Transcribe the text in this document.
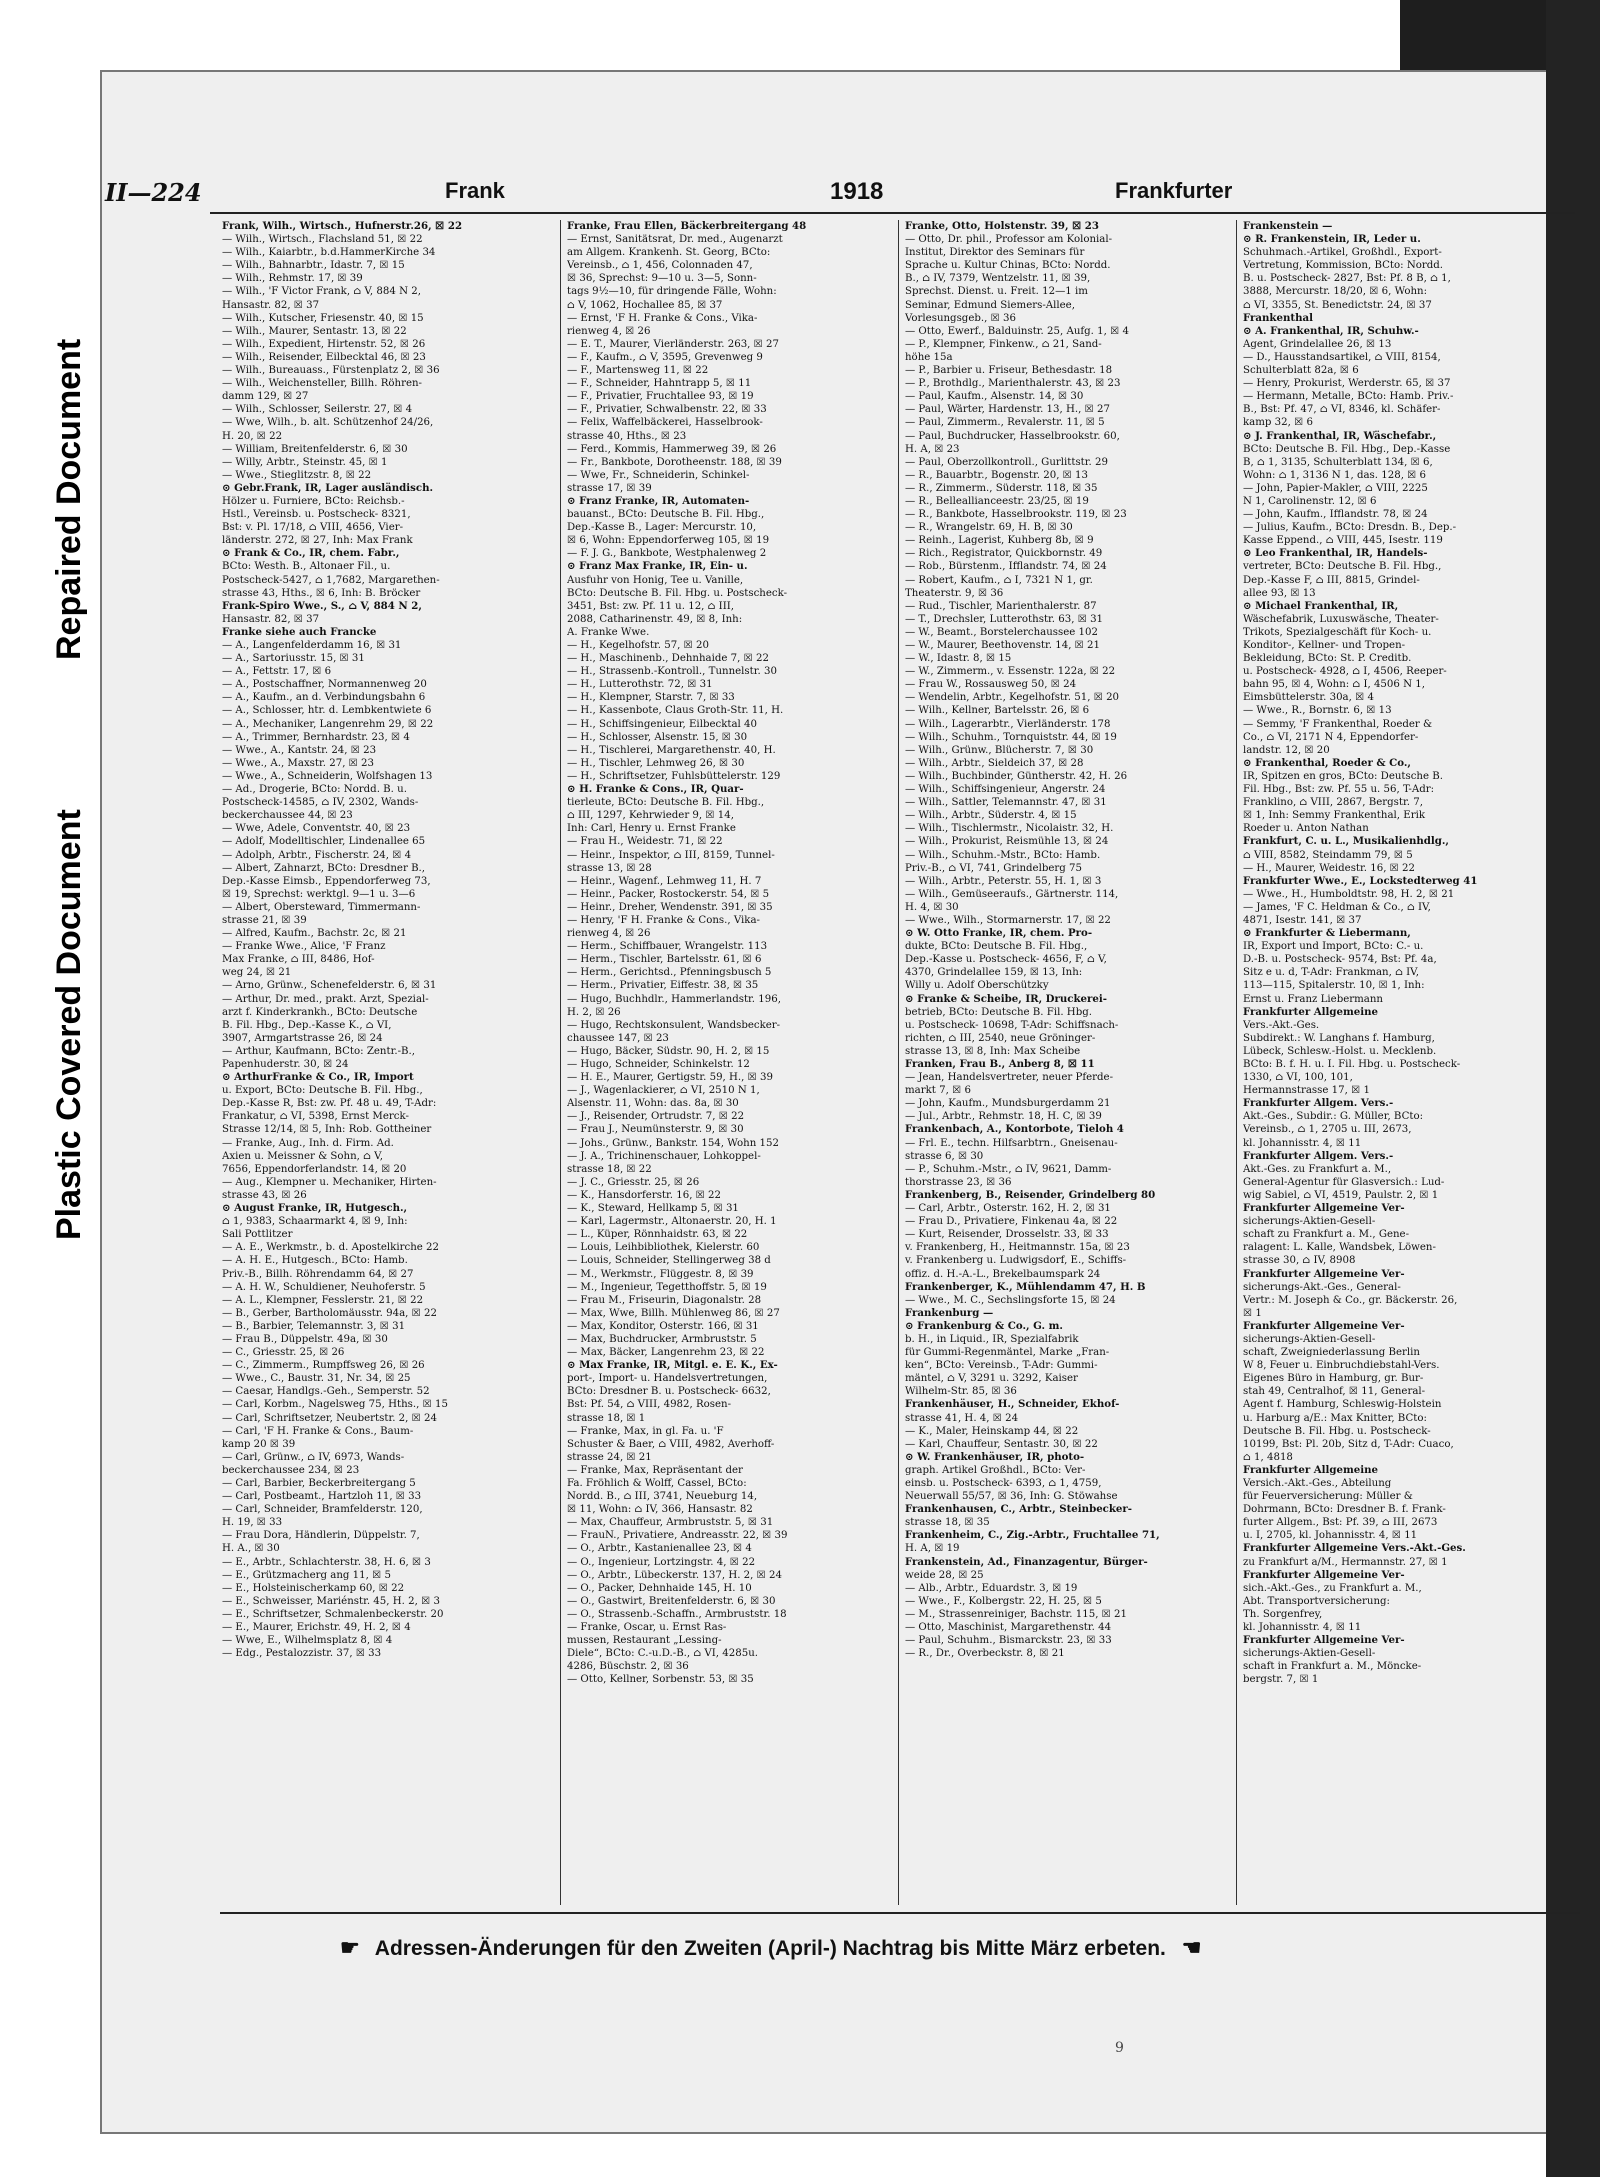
Plastic Covered Document
Repaired Document
II—224	Frank	1918	Frankfurter
Frank, Wilh., Wirtsch., Hufnerstr.26, ☒ 22
— Wilh., Wirtsch., Flachsland 51, ☒ 22
— Wilh., Kaiarbtr., b.d.HammerKirche 34
— Wilh., Bahnarbtr., Idastr. 7, ☒ 15
— Wilh., Rehmstr. 17, ☒ 39
— Wilh., 'F Victor Frank, ⌂ V, 884 N 2,
Hansastr. 82, ☒ 37
— Wilh., Kutscher, Friesenstr. 40, ☒ 15
— Wilh., Maurer, Sentastr. 13, ☒ 22
— Wilh., Expedient, Hirtenstr. 52, ☒ 26
— Wilh., Reisender, Eilbecktal 46, ☒ 23
— Wilh., Bureauass., Fürstenplatz 2, ☒ 36
— Wilh., Weichensteller, Billh. Röhren-
damm 129, ☒ 27
— Wilh., Schlosser, Seilerstr. 27, ☒ 4
— Wwe, Wilh., b. alt. Schützenhof 24/26,
H. 20, ☒ 22
— William, Breitenfelderstr. 6, ☒ 30
— Willy, Arbtr., Steinstr. 45, ☒ 1
— Wwe., Stieglitzstr. 8, ☒ 22
⊙ Gebr.Frank, IR, Lager ausländisch.
Hölzer u. Furniere, BCto: Reichsb.-
Hstl., Vereinsb. u. Postscheck- 8321,
Bst: v. Pl. 17/18, ⌂ VIII, 4656, Vier-
länderstr. 272, ☒ 27, Inh: Max Frank
⊙ Frank & Co., IR, chem. Fabr.,
BCto: Westh. B., Altonaer Fil., u.
Postscheck-5427, ⌂ 1,7682, Margarethen-
strasse 43, Hths., ☒ 6, Inh: B. Bröcker
Frank-Spiro Wwe., S., ⌂ V, 884 N 2,
Hansastr. 82, ☒ 37
Franke siehe auch Francke
— A., Langenfelderdamm 16, ☒ 31
— A., Sartoriusstr. 15, ☒ 31
— A., Fettstr. 17, ☒ 6
— A., Postschaffner, Normannenweg 20
— A., Kaufm., an d. Verbindungsbahn 6
— A., Schlosser, htr. d. Lembkentwiete 6
— A., Mechaniker, Langenrehm 29, ☒ 22
— A., Trimmer, Bernhardstr. 23, ☒ 4
— Wwe., A., Kantstr. 24, ☒ 23
— Wwe., A., Maxstr. 27, ☒ 23
— Wwe., A., Schneiderin, Wolfshagen 13
— Ad., Drogerie, BCto: Nordd. B. u.
Postscheck-14585, ⌂ IV, 2302, Wands-
beckerchaussee 44, ☒ 23
— Wwe, Adele, Conventstr. 40, ☒ 23
— Adolf, Modelltischler, Lindenallee 65
— Adolph, Arbtr., Fischerstr. 24, ☒ 4
— Albert, Zahnarzt, BCto: Dresdner B.,
Dep.-Kasse Eimsb., Eppendorferweg 73,
☒ 19, Sprechst: werktgl. 9—1 u. 3—6
— Albert, Obersteward, Timmermann-
strasse 21, ☒ 39
— Alfred, Kaufm., Bachstr. 2c, ☒ 21
— Franke Wwe., Alice, 'F Franz
Max Franke, ⌂ III, 8486, Hof-
weg 24, ☒ 21
— Arno, Grünw., Schenefelderstr. 6, ☒ 31
— Arthur, Dr. med., prakt. Arzt, Spezial-
arzt f. Kinderkrankh., BCto: Deutsche
B. Fil. Hbg., Dep.-Kasse K., ⌂ VI,
3907, Armgartstrasse 26, ☒ 24
— Arthur, Kaufmann, BCto: Zentr.-B.,
Papenhuderstr. 30, ☒ 24
⊙ ArthurFranke & Co., IR, Import
u. Export, BCto: Deutsche B. Fil. Hbg.,
Dep.-Kasse R, Bst: zw. Pf. 48 u. 49, T-Adr:
Frankatur, ⌂ VI, 5398, Ernst Merck-
Strasse 12/14, ☒ 5, Inh: Rob. Gottheiner
— Franke, Aug., Inh. d. Firm. Ad.
Axien u. Meissner & Sohn, ⌂ V,
7656, Eppendorferlandstr. 14, ☒ 20
— Aug., Klempner u. Mechaniker, Hirten-
strasse 43, ☒ 26
⊙ August Franke, IR, Hutgesch.,
⌂ 1, 9383, Schaarmarkt 4, ☒ 9, Inh:
Sali Pottlitzer
— A. E., Werkmstr., b. d. Apostelkirche 22
— A. H. E., Hutgesch., BCto: Hamb.
Priv.-B., Billh. Röhrendamm 64, ☒ 27
— A. H. W., Schuldiener, Neuhoferstr. 5
— A. L., Klempner, Fesslerstr. 21, ☒ 22
— B., Gerber, Bartholomäusstr. 94a, ☒ 22
— B., Barbier, Telemannstr. 3, ☒ 31
— Frau B., Düppelstr. 49a, ☒ 30
— C., Griesstr. 25, ☒ 26
— C., Zimmerm., Rumpffsweg 26, ☒ 26
— Wwe., C., Baustr. 31, Nr. 34, ☒ 25
— Caesar, Handlgs.-Geh., Semperstr. 52
— Carl, Korbm., Nagelsweg 75, Hths., ☒ 15
— Carl, Schriftsetzer, Neubertstr. 2, ☒ 24
— Carl, 'F H. Franke & Cons., Baum-
kamp 20 ☒ 39
— Carl, Grünw., ⌂ IV, 6973, Wands-
beckerchaussee 234, ☒ 23
— Carl, Barbier, Beckerbreitergang 5
— Carl, Postbeamt., Hartzloh 11, ☒ 33
— Carl, Schneider, Bramfelderstr. 120,
H. 19, ☒ 33
— Frau Dora, Händlerin, Düppelstr. 7,
H. A., ☒ 30
— E., Arbtr., Schlachterstr. 38, H. 6, ☒ 3
— E., Grützmacherg ang 11, ☒ 5
— E., Holsteinischerkamp 60, ☒ 22
— E., Schweisser, Mariénstr. 45, H. 2, ☒ 3
— E., Schriftsetzer, Schmalenbeckerstr. 20
— E., Maurer, Erichstr. 49, H. 2, ☒ 4
— Wwe, E., Wilhelmsplatz 8, ☒ 4
— Edg., Pestalozzistr. 37, ☒ 33
Franke, Frau Ellen, Bäckerbreitergang 48
— Ernst, Sanitätsrat, Dr. med., Augenarzt
am Allgem. Krankenh. St. Georg, BCto:
Vereinsb., ⌂ 1, 456, Colonnaden 47,
☒ 36, Sprechst: 9—10 u. 3—5, Sonn-
tags 9½—10, für dringende Fälle, Wohn:
⌂ V, 1062, Hochallee 85, ☒ 37
— Ernst, 'F H. Franke & Cons., Vika-
rienweg 4, ☒ 26
— E. T., Maurer, Vierländerstr. 263, ☒ 27
— F., Kaufm., ⌂ V, 3595, Grevenweg 9
— F., Martensweg 11, ☒ 22
— F., Schneider, Hahntrapp 5, ☒ 11
— F., Privatier, Fruchtallee 93, ☒ 19
— F., Privatier, Schwalbenstr. 22, ☒ 33
— Felix, Waffelbäckerei, Hasselbrook-
strasse 40, Hths., ☒ 23
— Ferd., Kommis, Hammerweg 39, ☒ 26
— Fr., Bankbote, Dorotheenstr. 188, ☒ 39
— Wwe, Fr., Schneiderin, Schinkel-
strasse 17, ☒ 39
⊙ Franz Franke, IR, Automaten-
bauanst., BCto: Deutsche B. Fil. Hbg.,
Dep.-Kasse B., Lager: Mercurstr. 10,
☒ 6, Wohn: Eppendorferweg 105, ☒ 19
— F. J. G., Bankbote, Westphalenweg 2
⊙ Franz Max Franke, IR, Ein- u.
Ausfuhr von Honig, Tee u. Vanille,
BCto: Deutsche B. Fil. Hbg. u. Postscheck-
3451, Bst: zw. Pf. 11 u. 12, ⌂ III,
2088, Catharinenstr. 49, ☒ 8, Inh:
A. Franke Wwe.
— H., Kegelhofstr. 57, ☒ 20
— H., Maschinenb., Dehnhaide 7, ☒ 22
— H., Strassenb.-Kontroll., Tunnelstr. 30
— H., Lutterothstr. 72, ☒ 31
— H., Klempner, Starstr. 7, ☒ 33
— H., Kassenbote, Claus Groth-Str. 11, H.
— H., Schiffsingenieur, Eilbecktal 40
— H., Schlosser, Alsenstr. 15, ☒ 30
— H., Tischlerei, Margarethenstr. 40, H.
— H., Tischler, Lehmweg 26, ☒ 30
— H., Schriftsetzer, Fuhlsbüttelerstr. 129
⊙ H. Franke & Cons., IR, Quar-
tierleute, BCto: Deutsche B. Fil. Hbg.,
⌂ III, 1297, Kehrwieder 9, ☒ 14,
Inh: Carl, Henry u. Ernst Franke
— Frau H., Weidestr. 71, ☒ 22
— Heinr., Inspektor, ⌂ III, 8159, Tunnel-
strasse 13, ☒ 28
— Heinr., Wagenf., Lehmweg 11, H. 7
— Heinr., Packer, Rostockerstr. 54, ☒ 5
— Heinr., Dreher, Wendenstr. 391, ☒ 35
— Henry, 'F H. Franke & Cons., Vika-
rienweg 4, ☒ 26
— Herm., Schiffbauer, Wrangelstr. 113
— Herm., Tischler, Bartelsstr. 61, ☒ 6
— Herm., Gerichtsd., Pfenningsbusch 5
— Herm., Privatier, Eiffestr. 38, ☒ 35
— Hugo, Buchhdlr., Hammerlandstr. 196,
H. 2, ☒ 26
— Hugo, Rechtskonsulent, Wandsbecker-
chaussee 147, ☒ 23
— Hugo, Bäcker, Südstr. 90, H. 2, ☒ 15
— Hugo, Schneider, Schinkelstr. 12
— H. E., Maurer, Gertigstr. 59, H., ☒ 39
— J., Wagenlackierer, ⌂ VI, 2510 N 1,
Alsenstr. 11, Wohn: das. 8a, ☒ 30
— J., Reisender, Ortrudstr. 7, ☒ 22
— Frau J., Neumünsterstr. 9, ☒ 30
— Johs., Grünw., Bankstr. 154, Wohn 152
— J. A., Trichinenschauer, Lohkoppel-
strasse 18, ☒ 22
— J. C., Griesstr. 25, ☒ 26
— K., Hansdorferstr. 16, ☒ 22
— K., Steward, Hellkamp 5, ☒ 31
— Karl, Lagermstr., Altonaerstr. 20, H. 1
— L., Küper, Rönnhaidstr. 63, ☒ 22
— Louis, Leihbibliothek, Kielerstr. 60
— Louis, Schneider, Stellingerweg 38 d
— M., Werkmstr., Flüggestr. 8, ☒ 39
— M., Ingenieur, Tegetthoffstr. 5, ☒ 19
— Frau M., Friseurin, Diagonalstr. 28
— Max, Wwe, Billh. Mühlenweg 86, ☒ 27
— Max, Konditor, Osterstr. 166, ☒ 31
— Max, Buchdrucker, Armbruststr. 5
— Max, Bäcker, Langenrehm 23, ☒ 22
⊙ Max Franke, IR, Mitgl. e. E. K., Ex-
port-, Import- u. Handelsvertretungen,
BCto: Dresdner B. u. Postscheck- 6632,
Bst: Pf. 54, ⌂ VIII, 4982, Rosen-
strasse 18, ☒ 1
— Franke, Max, in gl. Fa. u. 'F
Schuster & Baer, ⌂ VIII, 4982, Averhoff-
strasse 24, ☒ 21
— Franke, Max, Repräsentant der
Fa. Fröhlich & Wolff, Cassel, BCto:
Nordd. B., ⌂ III, 3741, Neueburg 14,
☒ 11, Wohn: ⌂ IV, 366, Hansastr. 82
— Max, Chauffeur, Armbruststr. 5, ☒ 31
— FrauN., Privatiere, Andreasstr. 22, ☒ 39
— O., Arbtr., Kastanienallee 23, ☒ 4
— O., Ingenieur, Lortzingstr. 4, ☒ 22
— O., Arbtr., Lübeckerstr. 137, H. 2, ☒ 24
— O., Packer, Dehnhaide 145, H. 10
— O., Gastwirt, Breitenfelderstr. 6, ☒ 30
— O., Strassenb.-Schaffn., Armbruststr. 18
— Franke, Oscar, u. Ernst Ras-
mussen, Restaurant „Lessing-
Diele“, BCto: C.-u.D.-B., ⌂ VI, 4285u.
4286, Büschstr. 2, ☒ 36
— Otto, Kellner, Sorbenstr. 53, ☒ 35
Franke, Otto, Holstenstr. 39, ☒ 23
— Otto, Dr. phil., Professor am Kolonial-
Institut, Direktor des Seminars für
Sprache u. Kultur Chinas, BCto: Nordd.
B., ⌂ IV, 7379, Wentzelstr. 11, ☒ 39,
Sprechst. Dienst. u. Freit. 12—1 im
Seminar, Edmund Siemers-Allee,
Vorlesungsgeb., ☒ 36
— Otto, Ewerf., Balduinstr. 25, Aufg. 1, ☒ 4
— P., Klempner, Finkenw., ⌂ 21, Sand-
höhe 15a
— P., Barbier u. Friseur, Bethesdastr. 18
— P., Brothdlg., Marienthalerstr. 43, ☒ 23
— Paul, Kaufm., Alsenstr. 14, ☒ 30
— Paul, Wärter, Hardenstr. 13, H., ☒ 27
— Paul, Zimmerm., Revalerstr. 11, ☒ 5
— Paul, Buchdrucker, Hasselbrookstr. 60,
H. A, ☒ 23
— Paul, Oberzollkontroll., Gurlittstr. 29
— R., Bauarbtr., Bogenstr. 20, ☒ 13
— R., Zimmerm., Süderstr. 118, ☒ 35
— R., Belleallianceestr. 23/25, ☒ 19
— R., Bankbote, Hasselbrookstr. 119, ☒ 23
— R., Wrangelstr. 69, H. B, ☒ 30
— Reinh., Lagerist, Kuhberg 8b, ☒ 9
— Rich., Registrator, Quickbornstr. 49
— Rob., Bürstenm., Ifflandstr. 74, ☒ 24
— Robert, Kaufm., ⌂ I, 7321 N 1, gr.
Theaterstr. 9, ☒ 36
— Rud., Tischler, Marienthalerstr. 87
— T., Drechsler, Lutterothstr. 63, ☒ 31
— W., Beamt., Borstelerchaussee 102
— W., Maurer, Beethovenstr. 14, ☒ 21
— W., Idastr. 8, ☒ 15
— W., Zimmerm., v. Essenstr. 122a, ☒ 22
— Frau W., Rossausweg 50, ☒ 24
— Wendelin, Arbtr., Kegelhofstr. 51, ☒ 20
— Wilh., Kellner, Bartelsstr. 26, ☒ 6
— Wilh., Lagerarbtr., Vierländerstr. 178
— Wilh., Schuhm., Tornquiststr. 44, ☒ 19
— Wilh., Grünw., Blücherstr. 7, ☒ 30
— Wilh., Arbtr., Sieldeich 37, ☒ 28
— Wilh., Buchbinder, Güntherstr. 42, H. 26
— Wilh., Schiffsingenieur, Angerstr. 24
— Wilh., Sattler, Telemannstr. 47, ☒ 31
— Wilh., Arbtr., Süderstr. 4, ☒ 15
— Wilh., Tischlermstr., Nicolaistr. 32, H.
— Wilh., Prokurist, Reismühle 13, ☒ 24
— Wilh., Schuhm.-Mstr., BCto: Hamb.
Priv.-B., ⌂ VI, 741, Grindelberg 75
— Wilh., Arbtr., Peterstr. 55, H. 1, ☒ 3
— Wilh., Gemüseeraufs., Gärtnerstr. 114,
H. 4, ☒ 30
— Wwe., Wilh., Stormarnerstr. 17, ☒ 22
⊙ W. Otto Franke, IR, chem. Pro-
dukte, BCto: Deutsche B. Fil. Hbg.,
Dep.-Kasse u. Postscheck- 4656, F, ⌂ V,
4370, Grindelallee 159, ☒ 13, Inh:
Willy u. Adolf Oberschützky
⊙ Franke & Scheibe, IR, Druckerei-
betrieb, BCto: Deutsche B. Fil. Hbg.
u. Postscheck- 10698, T-Adr: Schiffsnach-
richten, ⌂ III, 2540, neue Gröninger-
strasse 13, ☒ 8, Inh: Max Scheibe
Franken, Frau B., Anberg 8, ☒ 11
— Jean, Handelsvertreter, neuer Pferde-
markt 7, ☒ 6
— John, Kaufm., Mundsburgerdamm 21
— Jul., Arbtr., Rehmstr. 18, H. C, ☒ 39
Frankenbach, A., Kontorbote, Tieloh 4
— Frl. E., techn. Hilfsarbtrn., Gneisenau-
strasse 6, ☒ 30
— P., Schuhm.-Mstr., ⌂ IV, 9621, Damm-
thorstrasse 23, ☒ 36
Frankenberg, B., Reisender, Grindelberg 80
— Carl, Arbtr., Osterstr. 162, H. 2, ☒ 31
— Frau D., Privatiere, Finkenau 4a, ☒ 22
— Kurt, Reisender, Drosselstr. 33, ☒ 33
v. Frankenberg, H., Heitmannstr. 15a, ☒ 23
v. Frankenberg u. Ludwigsdorf, E., Schiffs-
offiz. d. H.-A.-L., Brekelbaumspark 24
Frankenberger, K., Mühlendamm 47, H. B
— Wwe., M. C., Sechslingsforte 15, ☒ 24
Frankenburg —
⊙ Frankenburg & Co., G. m.
b. H., in Liquid., IR, Spezialfabrik
für Gummi-Regenmäntel, Marke „Fran-
ken“, BCto: Vereinsb., T-Adr: Gummi-
mäntel, ⌂ V, 3291 u. 3292, Kaiser
Wilhelm-Str. 85, ☒ 36
Frankenhäuser, H., Schneider, Ekhof-
strasse 41, H. 4, ☒ 24
— K., Maler, Heinskamp 44, ☒ 22
— Karl, Chauffeur, Sentastr. 30, ☒ 22
⊙ W. Frankenhäuser, IR, photo-
graph. Artikel Großhdl., BCto: Ver-
einsb. u. Postscheck- 6393, ⌂ 1, 4759,
Neuerwall 55/57, ☒ 36, Inh: G. Stöwahse
Frankenhausen, C., Arbtr., Steinbecker-
strasse 18, ☒ 35
Frankenheim, C., Zig.-Arbtr., Fruchtallee 71,
H. A, ☒ 19
Frankenstein, Ad., Finanzagentur, Bürger-
weide 28, ☒ 25
— Alb., Arbtr., Eduardstr. 3, ☒ 19
— Wwe., F., Kolbergstr. 22, H. 25, ☒ 5
— M., Strassenreiniger, Bachstr. 115, ☒ 21
— Otto, Maschinist, Margarethenstr. 44
— Paul, Schuhm., Bismarckstr. 23, ☒ 33
— R., Dr., Overbeckstr. 8, ☒ 21
Frankenstein —
⊙ R. Frankenstein, IR, Leder u.
Schuhmach.-Artikel, Großhdl., Export-
Vertretung, Kommission, BCto: Nordd.
B. u. Postscheck- 2827, Bst: Pf. 8 B, ⌂ 1,
3888, Mercurstr. 18/20, ☒ 6, Wohn:
⌂ VI, 3355, St. Benedictstr. 24, ☒ 37
Frankenthal
⊙ A. Frankenthal, IR, Schuhw.-
Agent, Grindelallee 26, ☒ 13
— D., Hausstandsartikel, ⌂ VIII, 8154,
Schulterblatt 82a, ☒ 6
— Henry, Prokurist, Werderstr. 65, ☒ 37
— Hermann, Metalle, BCto: Hamb. Priv.-
B., Bst: Pf. 47, ⌂ VI, 8346, kl. Schäfer-
kamp 32, ☒ 6
⊙ J. Frankenthal, IR, Wäschefabr.,
BCto: Deutsche B. Fil. Hbg., Dep.-Kasse
B, ⌂ 1, 3135, Schulterblatt 134, ☒ 6,
Wohn: ⌂ 1, 3136 N 1, das. 128, ☒ 6
— John, Papier-Makler, ⌂ VIII, 2225
N 1, Carolinenstr. 12, ☒ 6
— John, Kaufm., Ifflandstr. 78, ☒ 24
— Julius, Kaufm., BCto: Dresdn. B., Dep.-
Kasse Eppend., ⌂ VIII, 445, Isestr. 119
⊙ Leo Frankenthal, IR, Handels-
vertreter, BCto: Deutsche B. Fil. Hbg.,
Dep.-Kasse F, ⌂ III, 8815, Grindel-
allee 93, ☒ 13
⊙ Michael Frankenthal, IR,
Wäschefabrik, Luxuswäsche, Theater-
Trikots, Spezialgeschäft für Koch- u.
Konditor-, Kellner- und Tropen-
Bekleidung, BCto: St. P. Creditb.
u. Postscheck- 4928, ⌂ I, 4506, Reeper-
bahn 95, ☒ 4, Wohn: ⌂ I, 4506 N 1,
Eimsbüttelerstr. 30a, ☒ 4
— Wwe., R., Bornstr. 6, ☒ 13
— Semmy, 'F Frankenthal, Roeder &
Co., ⌂ VI, 2171 N 4, Eppendorfer-
landstr. 12, ☒ 20
⊙ Frankenthal, Roeder & Co.,
IR, Spitzen en gros, BCto: Deutsche B.
Fil. Hbg., Bst: zw. Pf. 55 u. 56, T-Adr:
Franklino, ⌂ VIII, 2867, Bergstr. 7,
☒ 1, Inh: Semmy Frankenthal, Erik
Roeder u. Anton Nathan
Frankfurt, C. u. L., Musikalienhdlg.,
⌂ VIII, 8582, Steindamm 79, ☒ 5
— H., Maurer, Weidestr. 16, ☒ 22
Frankfurter Wwe., E., Lockstedterweg 41
— Wwe., H., Humboldtstr. 98, H. 2, ☒ 21
— James, 'F C. Heldman & Co., ⌂ IV,
4871, Isestr. 141, ☒ 37
⊙ Frankfurter & Liebermann,
IR, Export und Import, BCto: C.- u.
D.-B. u. Postscheck- 9574, Bst: Pf. 4a,
Sitz e u. d, T-Adr: Frankman, ⌂ IV,
113—115, Spitalerstr. 10, ☒ 1, Inh:
Ernst u. Franz Liebermann
Frankfurter Allgemeine
Vers.-Akt.-Ges.
Subdirekt.: W. Langhans f. Hamburg,
Lübeck, Schlesw.-Holst. u. Mecklenb.
BCto: B. f. H. u. I. Fil. Hbg. u. Postscheck-
1330, ⌂ VI, 100, 101,
Hermannstrasse 17, ☒ 1
Frankfurter Allgem. Vers.-
Akt.-Ges., Subdir.: G. Müller, BCto:
Vereinsb., ⌂ 1, 2705 u. III, 2673,
kl. Johannisstr. 4, ☒ 11
Frankfurter Allgem. Vers.-
Akt.-Ges. zu Frankfurt a. M.,
General-Agentur für Glasversich.: Lud-
wig Sabiel, ⌂ VI, 4519, Paulstr. 2, ☒ 1
Frankfurter Allgemeine Ver-
sicherungs-Aktien-Gesell-
schaft zu Frankfurt a. M., Gene-
ralagent: L. Kalle, Wandsbek, Löwen-
strasse 30, ⌂ IV, 8908
Frankfurter Allgemeine Ver-
sicherungs-Akt.-Ges., General-
Vertr.: M. Joseph & Co., gr. Bäckerstr. 26,
☒ 1
Frankfurter Allgemeine Ver-
sicherungs-Aktien-Gesell-
schaft, Zweigniederlassung Berlin
W 8, Feuer u. Einbruchdiebstahl-Vers.
Eigenes Büro in Hamburg, gr. Bur-
stah 49, Centralhof, ☒ 11, General-
Agent f. Hamburg, Schleswig-Holstein
u. Harburg a/E.: Max Knitter, BCto:
Deutsche B. Fil. Hbg. u. Postscheck-
10199, Bst: Pl. 20b, Sitz d, T-Adr: Cuaco,
⌂ 1, 4818
Frankfurter Allgemeine
Versich.-Akt.-Ges., Abteilung
für Feuerversicherung: Müller &
Dohrmann, BCto: Dresdner B. f. Frank-
furter Allgem., Bst: Pf. 39, ⌂ III, 2673
u. I, 2705, kl. Johannisstr. 4, ☒ 11
Frankfurter Allgemeine Vers.-Akt.-Ges.
zu Frankfurt a/M., Hermannstr. 27, ☒ 1
Frankfurter Allgemeine Ver-
sich.-Akt.-Ges., zu Frankfurt a. M.,
Abt. Transportversicherung:
Th. Sorgenfrey,
kl. Johannisstr. 4, ☒ 11
Frankfurter Allgemeine Ver-
sicherungs-Aktien-Gesell-
schaft in Frankfurt a. M., Möncke-
bergstr. 7, ☒ 1
☛ Adressen-Änderungen für den Zweiten (April-) Nachtrag bis Mitte März erbeten. ☚
9
